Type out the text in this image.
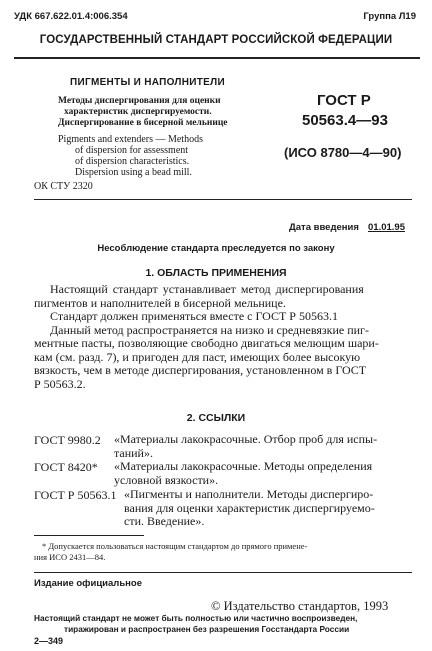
УДК 667.622.01.4:006.354	Группа Л19
ГОСУДАРСТВЕННЫЙ СТАНДАРТ РОССИЙСКОЙ ФЕДЕРАЦИИ
ПИГМЕНТЫ И НАПОЛНИТЕЛИ
Методы диспергирования для оценки
характеристик диспергируемости.
Диспергирование в бисерной мельнице
Pigments and extenders — Methods
of dispersion for assessment
of dispersion characteristics.
Dispersion using a bead mill.
ОК СТУ 2320
ГОСТ Р
50563.4—93
(ИСО 8780—4—90)
Дата введения 01.01.95
Несоблюдение стандарта преследуется по закону
1. ОБЛАСТЬ ПРИМЕНЕНИЯ
Настоящий стандарт устанавливает метод диспергирования
пигментов и наполнителей в бисерной мельнице.
Стандарт должен применяться вместе с ГОСТ Р 50563.1
Данный метод распространяется на низко и средневязкие пиг-
ментные пасты, позволяющие свободно двигаться мелющим шари-
кам (см. разд. 7), и пригоден для паст, имеющих более высокую
вязкость, чем в методе диспергирования, установленном в ГОСТ
Р 50563.2.
2. ССЫЛКИ
ГОСТ 9980.2 «Материалы лакокрасочные. Отбор проб для испы-
таний».
ГОСТ 8420* «Материалы лакокрасочные. Методы определения
условной вязкости».
ГОСТ Р 50563.1 «Пигменты и наполнители. Методы диспергиро-
вания для оценки характеристик диспергируемо-
сти. Введение».
* Допускается пользоваться настоящим стандартом до прямого примене-
ния ИСО 2431—84.
Издание официальное
© Издательство стандартов, 1993
Настоящий стандарт не может быть полностью или частично воспроизведен,
тиражирован и распространен без разрешения Госстандарта России
2—349
